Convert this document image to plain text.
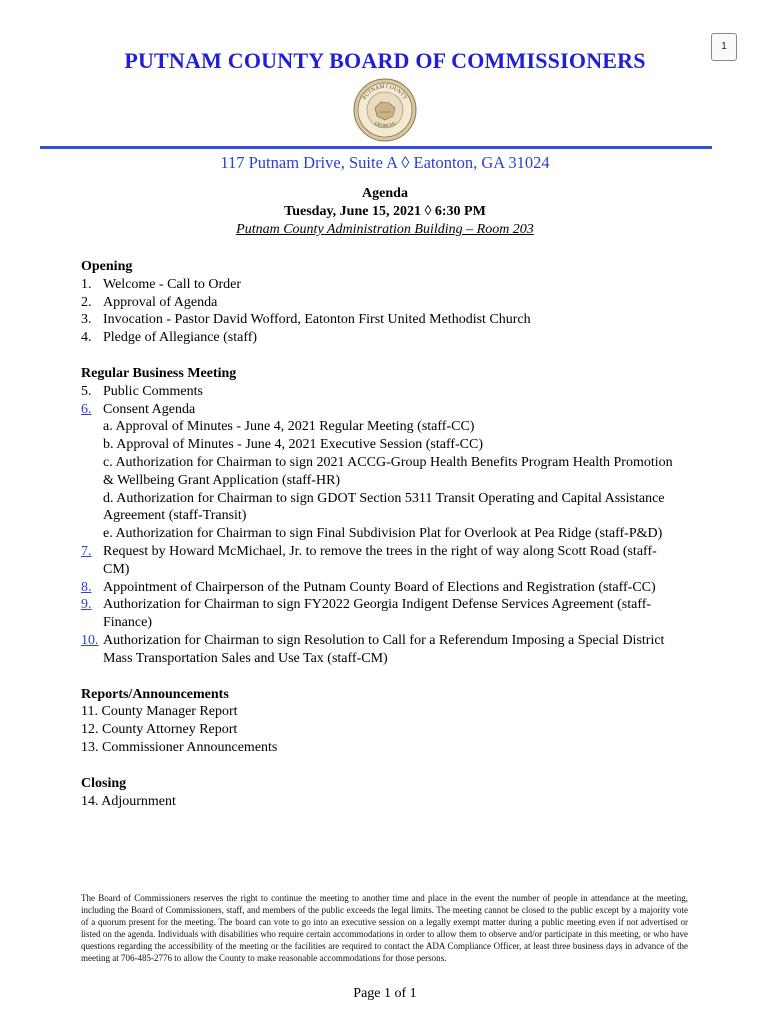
1
PUTNAM COUNTY BOARD OF COMMISSIONERS
PUTNAM COUNTY
GEORGIA
117 Putnam Drive, Suite A ◊ Eatonton, GA 31024
Agenda
Tuesday, June 15, 2021 ◊ 6:30 PM
Putnam County Administration Building – Room 203
Opening
1. Welcome - Call to Order
2. Approval of Agenda
3. Invocation - Pastor David Wofford, Eatonton First United Methodist Church
4. Pledge of Allegiance (staff)
Regular Business Meeting
5. Public Comments
6. Consent Agenda
a. Approval of Minutes - June 4, 2021 Regular Meeting (staff-CC)
b. Approval of Minutes - June 4, 2021 Executive Session (staff-CC)
c. Authorization for Chairman to sign 2021 ACCG-Group Health Benefits Program Health Promotion & Wellbeing Grant Application (staff-HR)
d. Authorization for Chairman to sign GDOT Section 5311 Transit Operating and Capital Assistance Agreement (staff-Transit)
e. Authorization for Chairman to sign Final Subdivision Plat for Overlook at Pea Ridge (staff-P&D)
7. Request by Howard McMichael, Jr. to remove the trees in the right of way along Scott Road (staff-CM)
8. Appointment of Chairperson of the Putnam County Board of Elections and Registration (staff-CC)
9. Authorization for Chairman to sign FY2022 Georgia Indigent Defense Services Agreement (staff-Finance)
10. Authorization for Chairman to sign Resolution to Call for a Referendum Imposing a Special District Mass Transportation Sales and Use Tax (staff-CM)
Reports/Announcements
11. County Manager Report
12. County Attorney Report
13. Commissioner Announcements
Closing
14. Adjournment
The Board of Commissioners reserves the right to continue the meeting to another time and place in the event the number of people in attendance at the meeting, including the Board of Commissioners, staff, and members of the public exceeds the legal limits. The meeting cannot be closed to the public except by a majority vote of a quorum present for the meeting. The board can vote to go into an executive session on a legally exempt matter during a public meeting even if not advertised or listed on the agenda. Individuals with disabilities who require certain accommodations in order to allow them to observe and/or participate in this meeting, or who have questions regarding the accessibility of the meeting or the facilities are required to contact the ADA Compliance Officer, at least three business days in advance of the meeting at 706-485-2776 to allow the County to make reasonable accommodations for those persons.
Page 1 of 1
